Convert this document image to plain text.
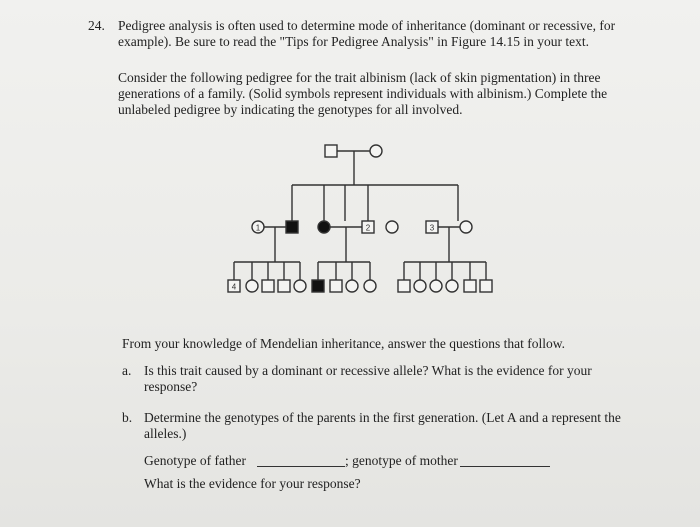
24. Pedigree analysis is often used to determine mode of inheritance (dominant or recessive, for
example). Be sure to read the "Tips for Pedigree Analysis" in Figure 14.15 in your text.
Consider the following pedigree for the trait albinism (lack of skin pigmentation) in three
generations of a family. (Solid symbols represent individuals with albinism.) Complete the
unlabeled pedigree by indicating the genotypes for all involved.
1	2	3
4
From your knowledge of Mendelian inheritance, answer the questions that follow.
a. Is this trait caused by a dominant or recessive allele? What is the evidence for your
response?
b. Determine the genotypes of the parents in the first generation. (Let A and a represent the
alleles.)
Genotype of father	; genotype of mother
What is the evidence for your response?
